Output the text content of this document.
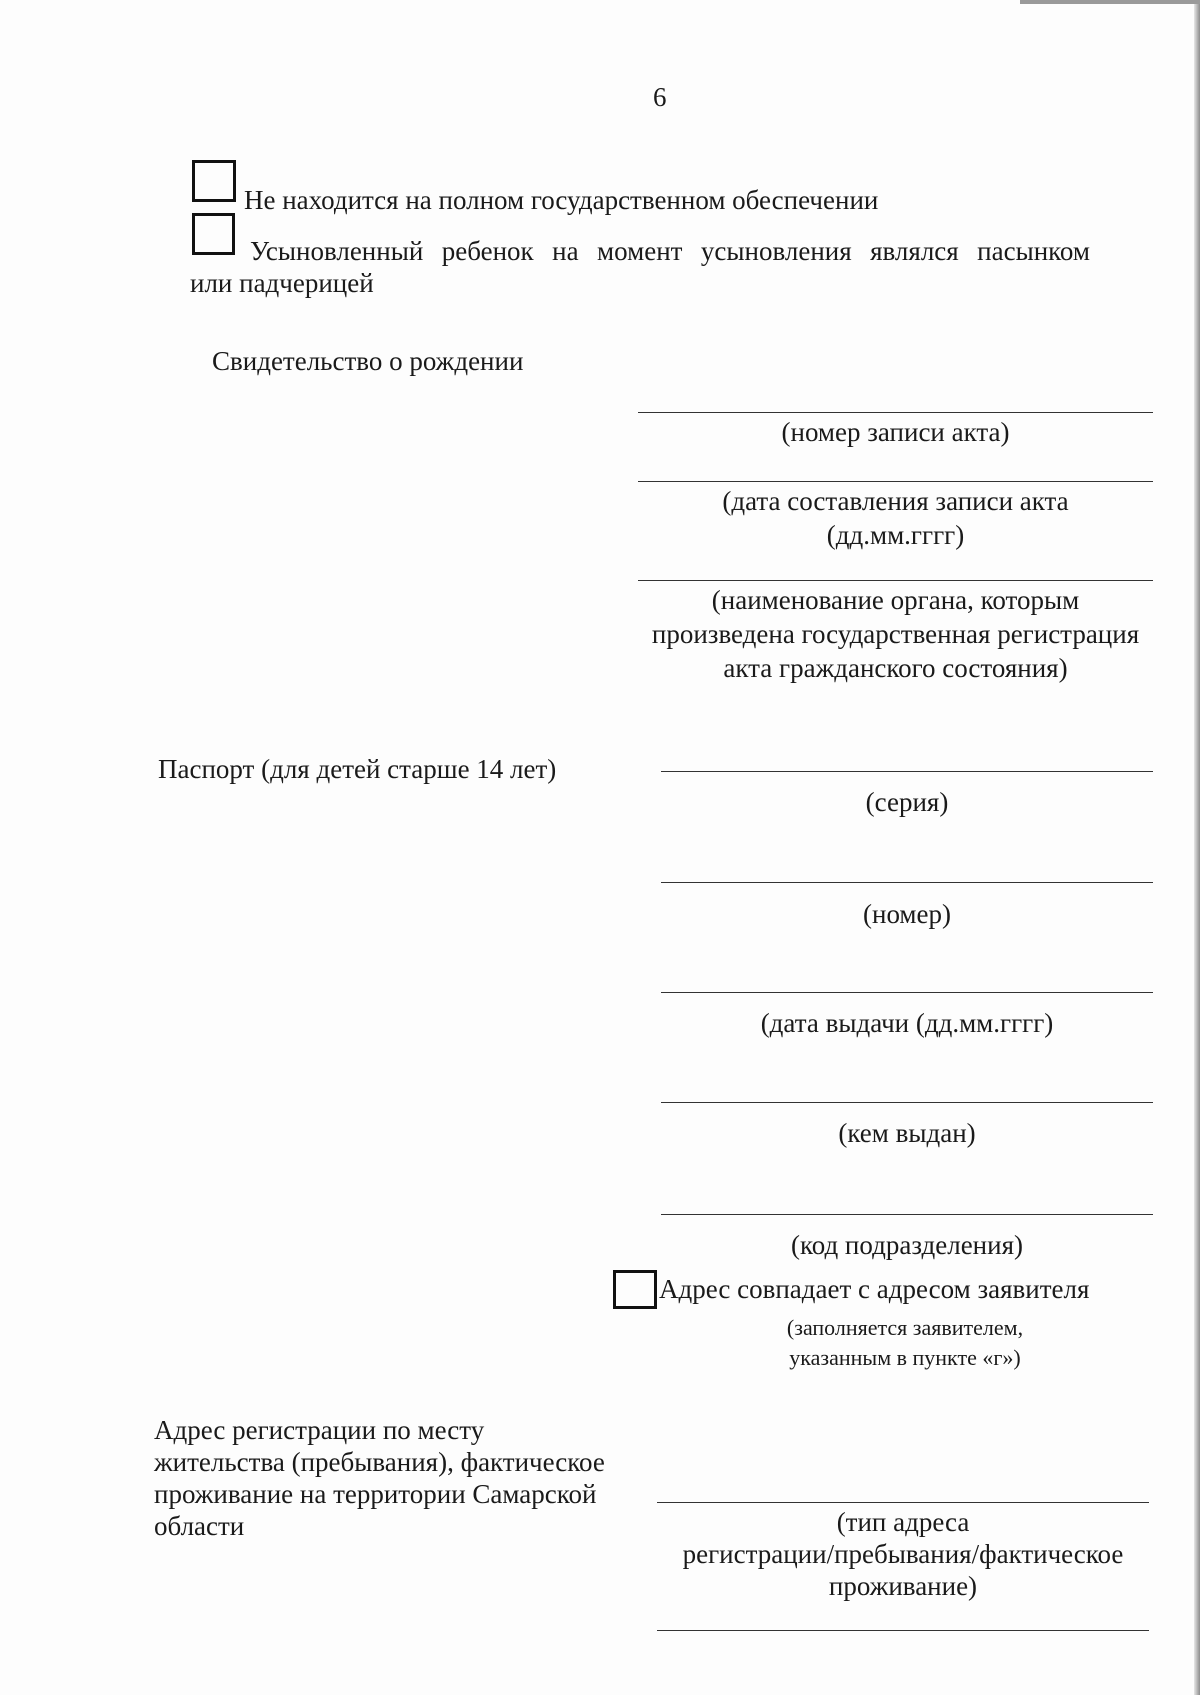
6
Не находится на полном государственном обеспечении
Усыновленный ребенок на момент усыновления являлся пасынком
или падчерицей
Свидетельство о рождении
(номер записи акта)
(дата составления записи акта
(дд.мм.гггг)
(наименование органа, которым
произведена государственная регистрация
акта гражданского состояния)
Паспорт (для детей старше 14 лет)
(серия)
(номер)
(дата выдачи (дд.мм.гггг)
(кем выдан)
(код подразделения)
Адрес совпадает с адресом заявителя
(заполняется заявителем,
указанным в пункте «г»)
Адрес регистрации по месту
жительства (пребывания), фактическое
проживание на территории Самарской
области	(тип адреса
регистрации/пребывания/фактическое
проживание)
